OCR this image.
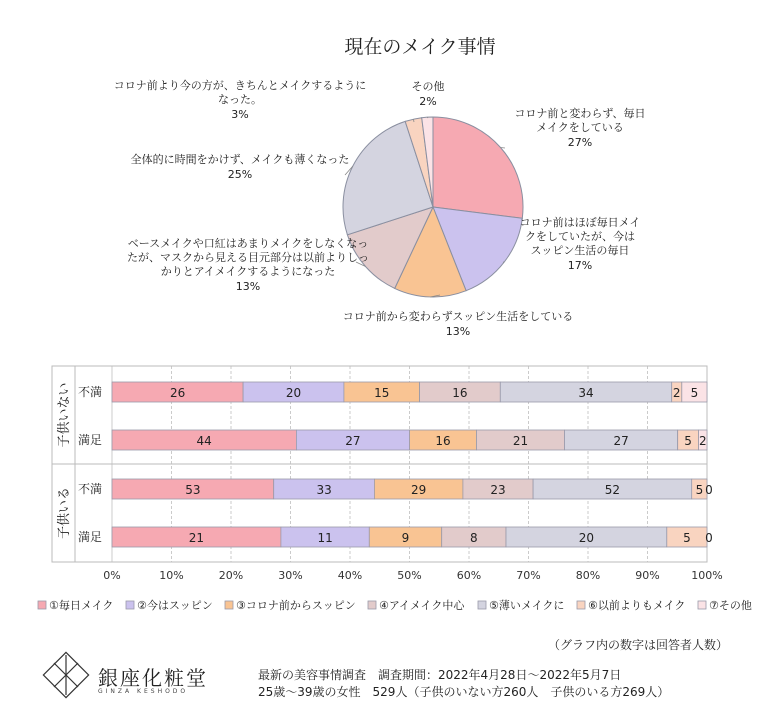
現在のメイク事情
コロナ前と変わらず、毎日
メイクをしている
27%
コロナ前はほぼ毎日メイ
クをしていたが、今は
スッピン生活の毎日
17%
コロナ前から変わらずスッピン生活をしている
13%
ベースメイクや口紅はあまりメイクをしなくなっ
たが、マスクから見える目元部分は以前よりしっ
かりとアイメイクするようになった
13%
全体的に時間をかけず、メイクも薄くなった
25%
コロナ前より今の方が、きちんとメイクするように
なった。
3%
その他
2%
0%	10%	20%	30%	40%	50%	60%	70%	80%	90%	100%
子供いない 不満	26	20	15	16	34	2 5
満足	44	27	16	21	27	5 2
子供いる 不満	53	33	29	23	52	5 0
満足	21	11	9	8	20	5 0
①毎日メイク ②今はスッピン ③コロナ前からスッピン ④アイメイク中心 ⑤薄いメイクに ⑥以前よりもメイク ⑦その他
（グラフ内の数字は回答者人数）
最新の美容事情調査　調査期間：2022年4月28日～2022年5月7日
25歳～39歳の女性　529人（子供のいない方260人　子供のいる方269人）
銀座化粧堂
GINZA KESHODO
